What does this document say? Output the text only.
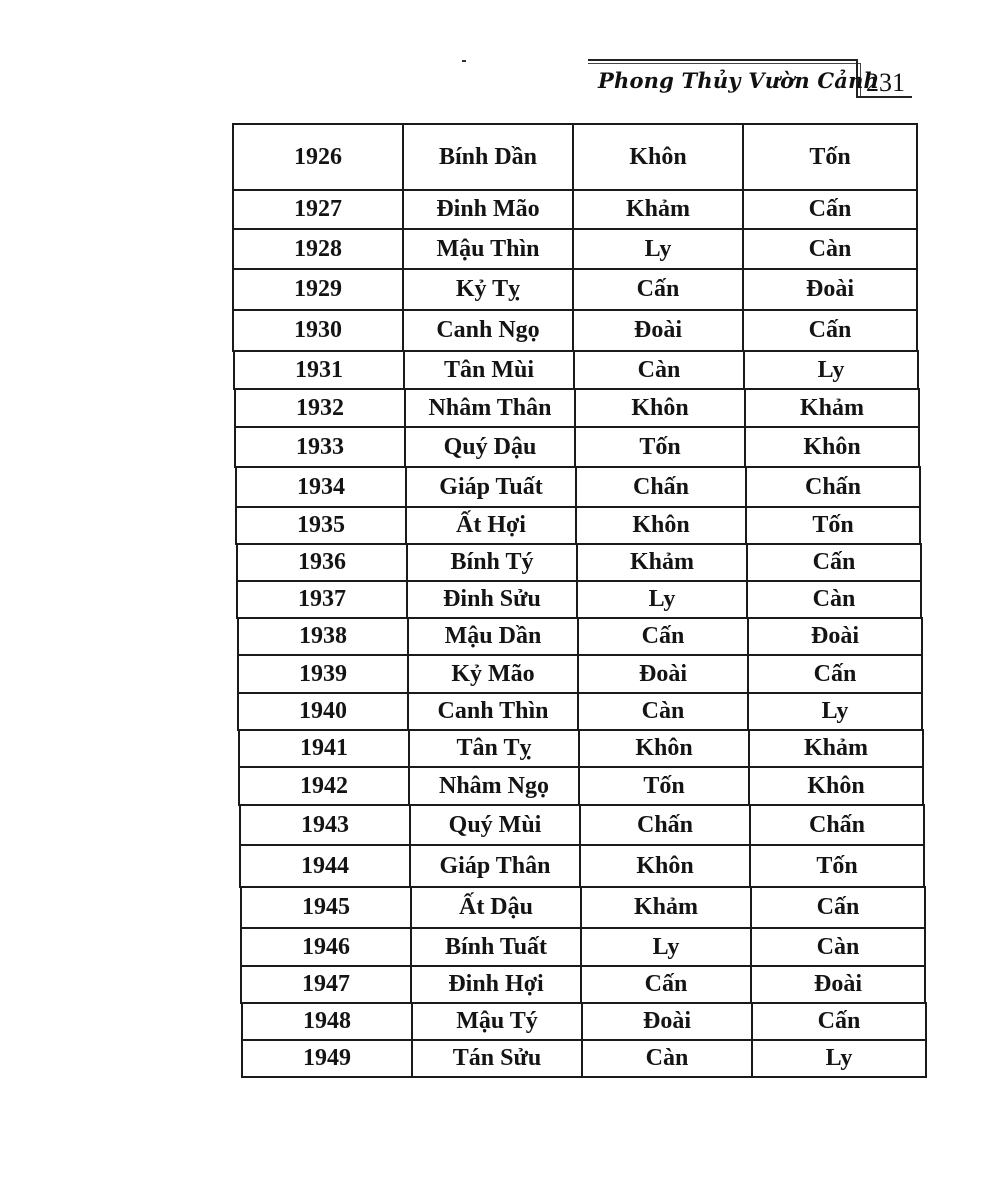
Phong Thủy Vườn Cảnh
231
1926	Bính Dần	Khôn	Tốn
1927	Đinh Mão	Khảm	Cấn
1928	Mậu Thìn	Ly	Càn
1929	Kỷ Tỵ	Cấn	Đoài
1930	Canh Ngọ	Đoài	Cấn
1931	Tân Mùi	Càn	Ly
1932	Nhâm Thân	Khôn	Khảm
1933	Quý Dậu	Tốn	Khôn
1934	Giáp Tuất	Chấn	Chấn
1935	Ất Hợi	Khôn	Tốn
1936	Bính Tý	Khảm	Cấn
1937	Đinh Sửu	Ly	Càn
1938	Mậu Dần	Cấn	Đoài
1939	Kỷ Mão	Đoài	Cấn
1940	Canh Thìn	Càn	Ly
1941	Tân Tỵ	Khôn	Khảm
1942	Nhâm Ngọ	Tốn	Khôn
1943	Quý Mùi	Chấn	Chấn
1944	Giáp Thân	Khôn	Tốn
1945	Ất Dậu	Khảm	Cấn
1946	Bính Tuất	Ly	Càn
1947	Đinh Hợi	Cấn	Đoài
1948	Mậu Tý	Đoài	Cấn
1949	Tán Sửu	Càn	Ly
